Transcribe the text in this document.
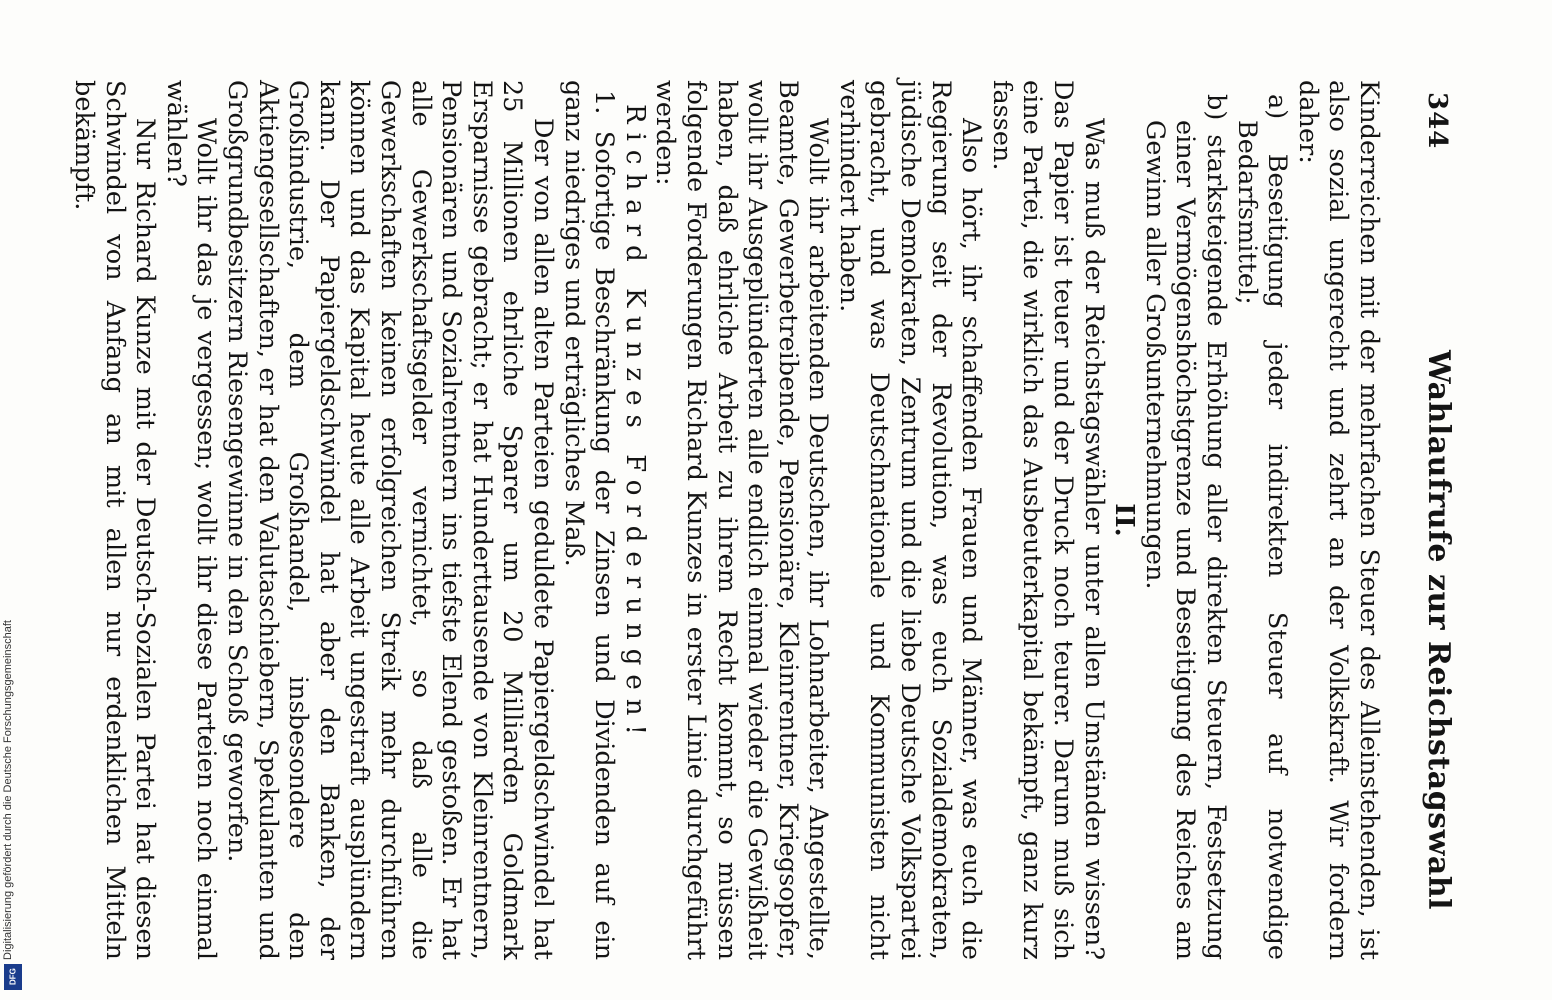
344
Wahlaufrufe zur Reichstagswahl

Kinderreichen mit der mehrfachen Steuer des Alleinstehenden, ist also sozial ungerecht und zehrt an der Volkskraft. Wir fordern daher:

a) Beseitigung jeder indirekten Steuer auf notwendige Bedarfsmittel;

b) starksteigende Erhöhung aller direkten Steuern, Festsetzung einer Vermögenshöchstgrenze und Beseitigung des Reiches am Gewinn aller Großunternehmungen.

II.

Was muß der Reichstagswähler unter allen Umständen wissen? Das Papier ist teuer und der Druck noch teurer. Darum muß sich eine Partei, die wirklich das Ausbeuterkapital bekämpft, ganz kurz fassen.

Also hört, ihr schaffenden Frauen und Männer, was euch die Regierung seit der Revolution, was euch Sozialdemokraten, jüdische Demokraten, Zentrum und die liebe Deutsche Volkspartei gebracht, und was Deutschnationale und Kommunisten nicht verhindert haben.

Wollt ihr arbeitenden Deutschen, ihr Lohnarbeiter, Angestellte, Beamte, Gewerbetreibende, Pensionäre, Kleinrentner, Kriegsopfer, wollt ihr Ausgeplünderten alle endlich einmal wieder die Gewißheit haben, daß ehrliche Arbeit zu ihrem Recht kommt, so müssen folgende Forderungen Richard Kunzes in erster Linie durchgeführt werden:

Richard Kunzes Forderungen!

1. Sofortige Beschränkung der Zinsen und Dividenden auf ein ganz niedriges und erträgliches Maß.

Der von allen alten Parteien geduldete Papiergeldschwindel hat 25 Millionen ehrliche Sparer um 20 Milliarden Goldmark Ersparnisse gebracht; er hat Hunderttausende von Kleinrentnern, Pensionären und Sozialrentnern ins tiefste Elend gestoßen. Er hat alle Gewerkschaftsgelder vernichtet, so daß alle die Gewerkschaften keinen erfolgreichen Streik mehr durchführen können und das Kapital heute alle Arbeit ungestraft ausplündern kann. Der Papiergeldschwindel hat aber den Banken, der Großindustrie, dem Großhandel, insbesondere den Aktiengesellschaften, er hat den Valutaschiebern, Spekulanten und Großgrundbesitzern Riesengewinne in den Schoß geworfen.

Wollt ihr das je vergessen; wollt ihr diese Parteien noch einmal wählen?

Nur Richard Kunze mit der Deutsch-Sozialen Partei hat diesen Schwindel von Anfang an mit allen nur erdenklichen Mitteln bekämpft.

Digitalisierung gefördert durch die Deutsche Forschungsgemeinschaft
DFG
